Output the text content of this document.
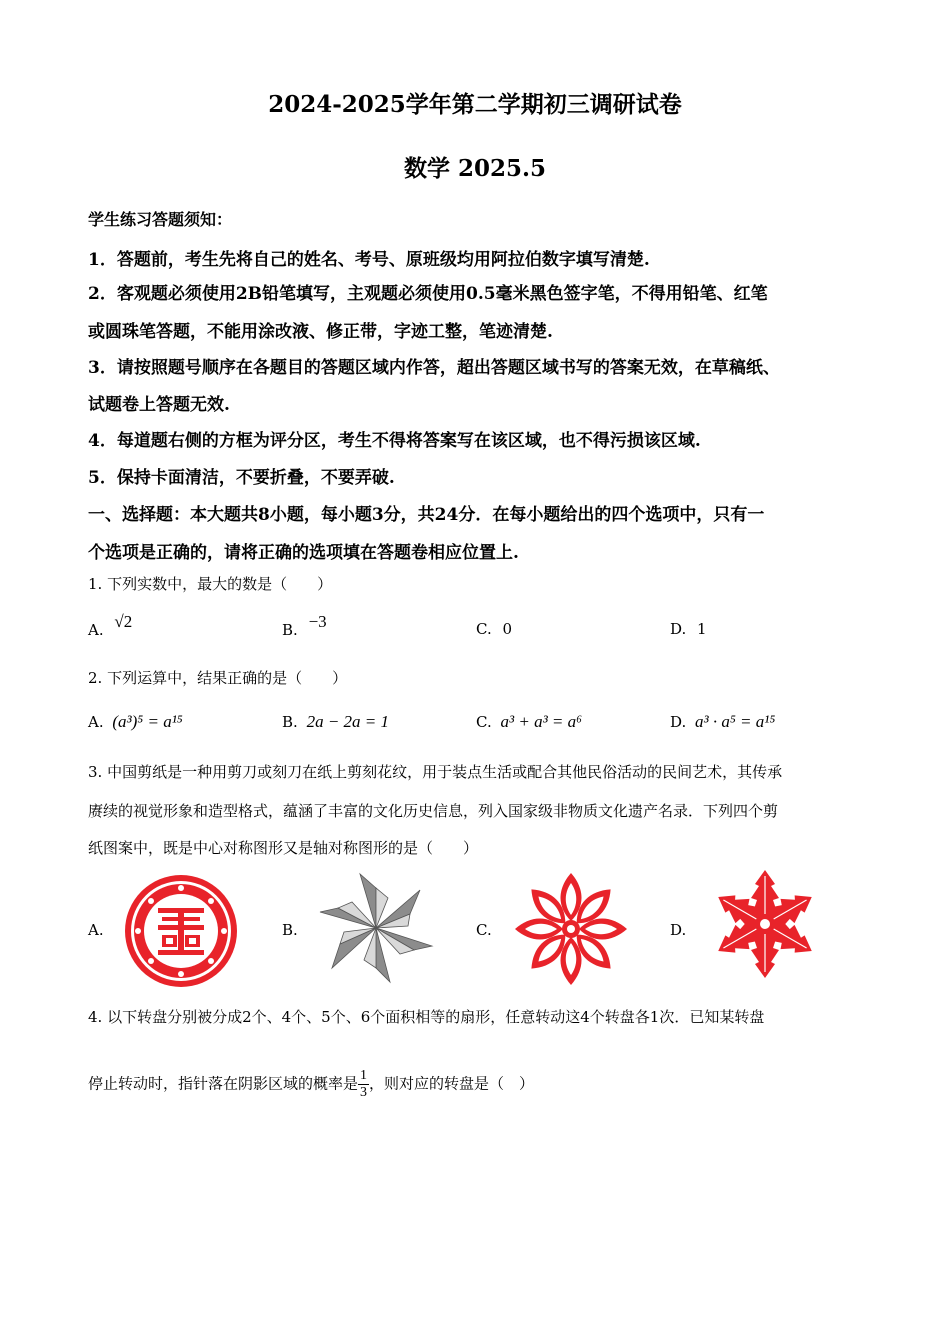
2024-2025学年第二学期初三调研试卷
数学 2025.5
学生练习答题须知：
1．答题前，考生先将自己的姓名、考号、原班级均用阿拉伯数字填写清楚.
2．客观题必须使用2B铅笔填写，主观题必须使用0.5毫米黑色签字笔，不得用铅笔、红笔
或圆珠笔答题，不能用涂改液、修正带，字迹工整，笔迹清楚.
3．请按照题号顺序在各题目的答题区域内作答，超出答题区域书写的答案无效，在草稿纸、
试题卷上答题无效.
4．每道题右侧的方框为评分区，考生不得将答案写在该区域，也不得污损该区域.
5．保持卡面清洁，不要折叠，不要弄破.
一、选择题：本大题共8小题，每小题3分，共24分．在每小题给出的四个选项中，只有一
个选项是正确的，请将正确的选项填在答题卷相应位置上.
1. 下列实数中，最大的数是（　　）
A. √2	B. −3	C. 0	D. 1
2. 下列运算中，结果正确的是（　　）
A. (a³)⁵ = a¹⁵	B. 2a − 2a = 1	C. a³ + a³ = a⁶	D. a³ · a⁵ = a¹⁵
3. 中国剪纸是一种用剪刀或刻刀在纸上剪刻花纹，用于装点生活或配合其他民俗活动的民间艺术，其传承
赓续的视觉形象和造型格式，蕴涵了丰富的文化历史信息，列入国家级非物质文化遗产名录．下列四个剪
纸图案中，既是中心对称图形又是轴对称图形的是（　　）
A.	B.	C.	D.
4. 以下转盘分别被分成2个、4个、5个、6个面积相等的扇形，任意转动这4个转盘各1次．已知某转盘
停止转动时，指针落在阴影区域的概率是 $\frac{1}{3}$ ，则对应的转盘是（　）
